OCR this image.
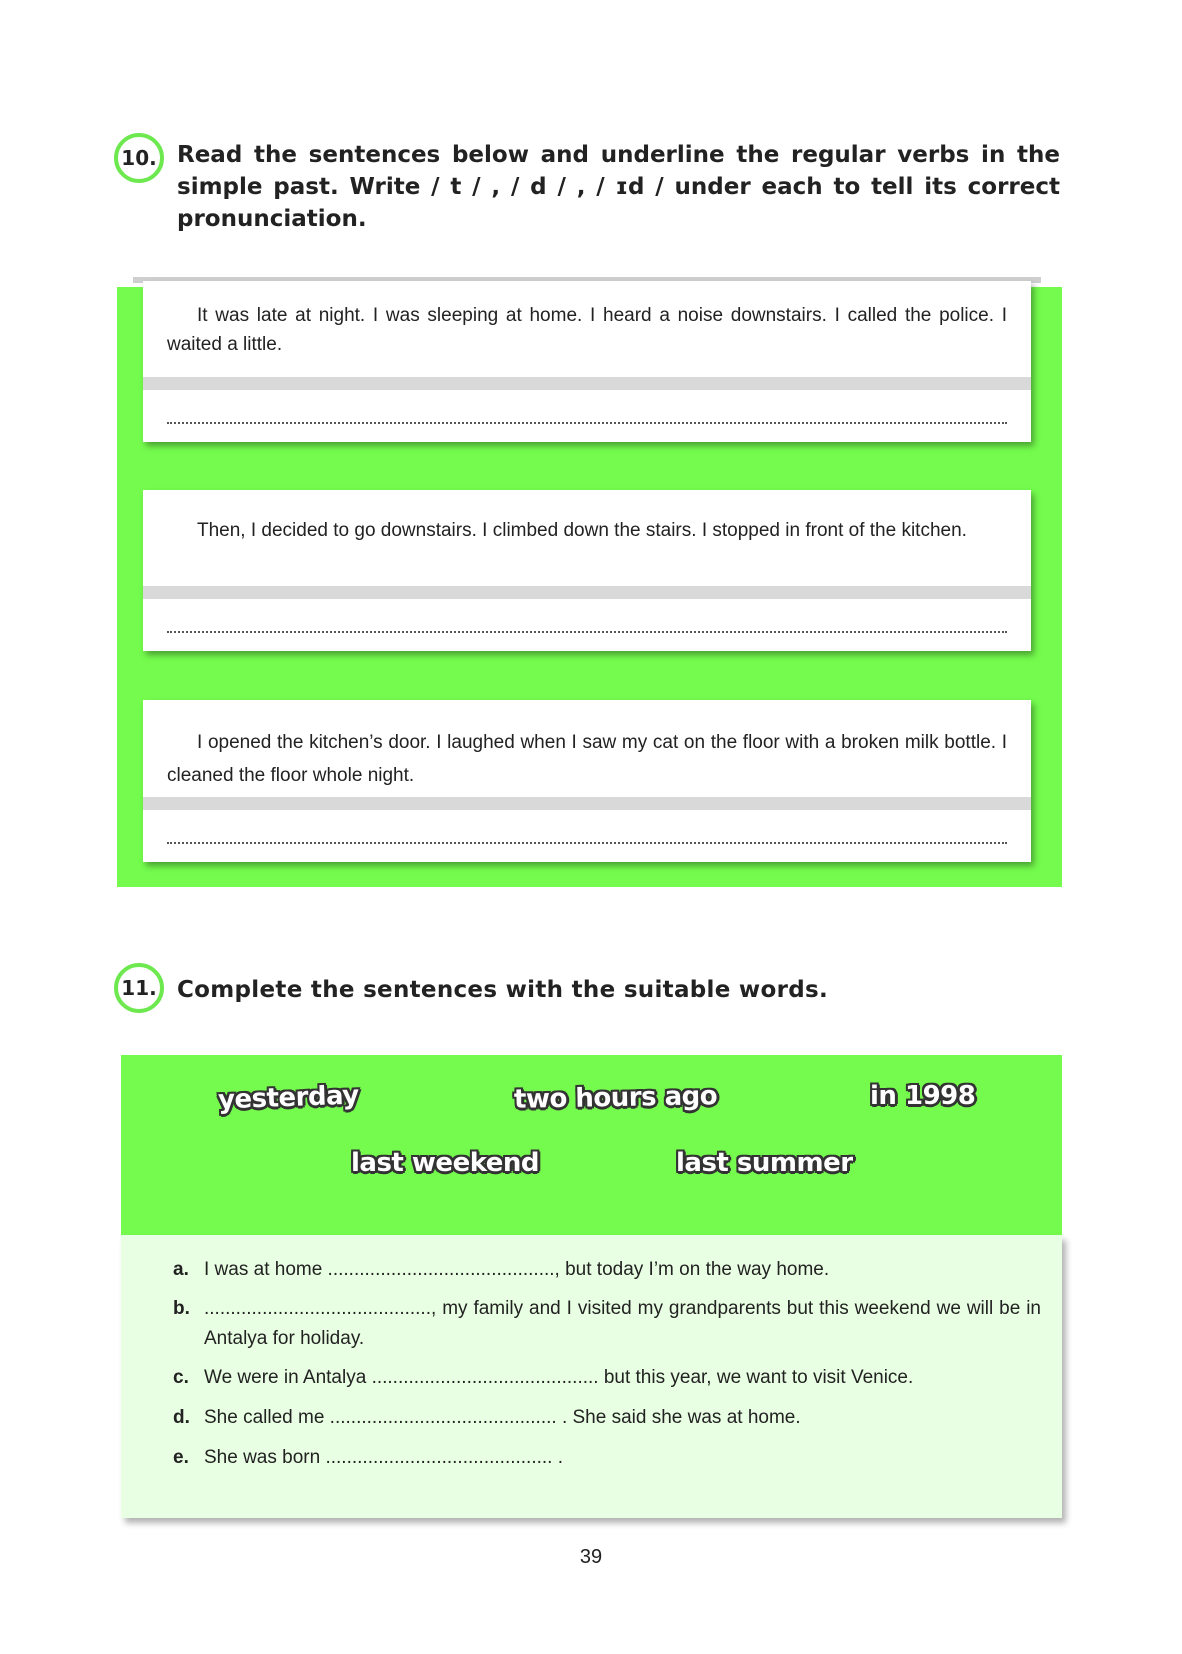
10. Read the sentences below and underline the regular verbs in the
simple past. Write / t / , / d / , / ɪd / under each to tell its correct
pronunciation.
It was late at night. I was sleeping at home. I heard a noise downstairs. I called the police. I waited a little.
Then, I decided to go downstairs. I climbed down the stairs. I stopped in front of the kitchen.
I opened the kitchen’s door. I laughed when I saw my cat on the floor with a broken milk bottle. I cleaned the floor whole night.
11. Complete the sentences with the suitable words.
yesterday	two hours ago	in 1998
last weekend	last summer
a. I was at home ..........................................., but today I’m on the way home.
b. ..........................................., my family and I visited my grandparents but this weekend we will be in Antalya for holiday.
c. We were in Antalya ........................................... but this year, we want to visit Venice.
d. She called me ........................................... . She said she was at home.
e. She was born ........................................... .
39
